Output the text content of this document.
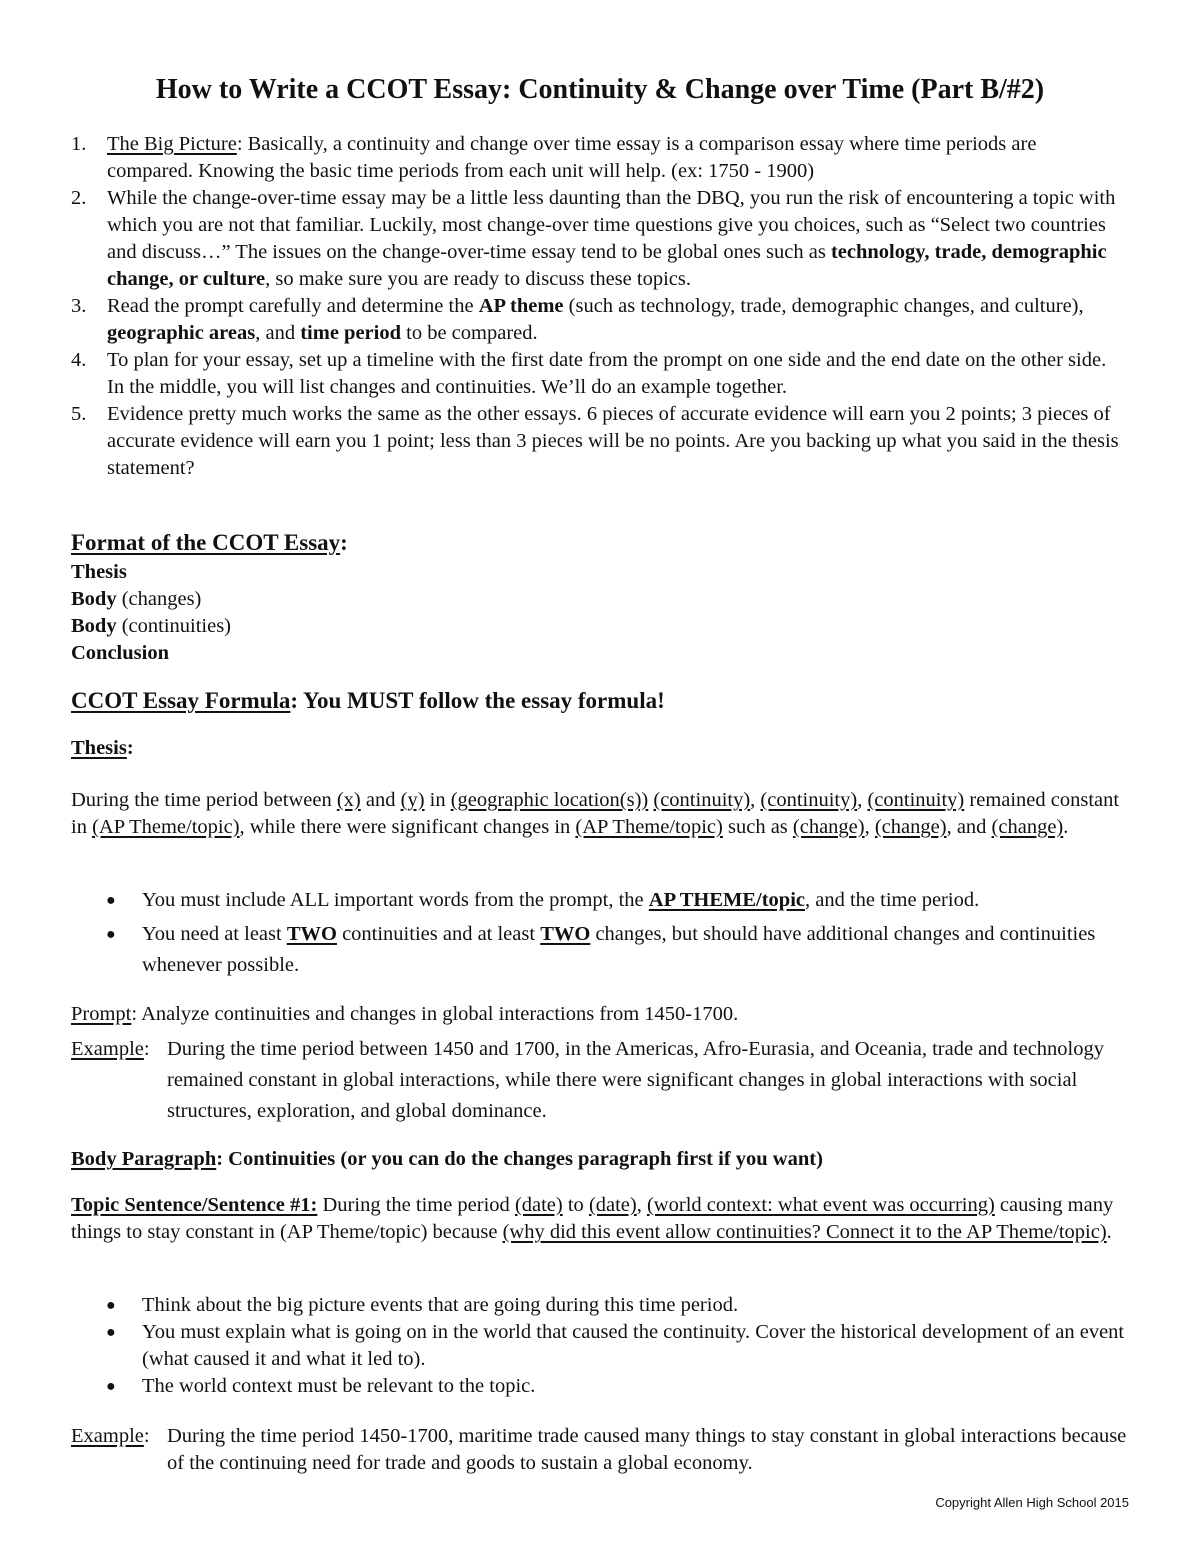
How to Write a CCOT Essay: Continuity & Change over Time (Part B/#2)
1. The Big Picture: Basically, a continuity and change over time essay is a comparison essay where time periods are compared. Knowing the basic time periods from each unit will help. (ex: 1750 - 1900)
2. While the change-over-time essay may be a little less daunting than the DBQ, you run the risk of encountering a topic with which you are not that familiar. Luckily, most change-over time questions give you choices, such as “Select two countries and discuss…” The issues on the change-over-time essay tend to be global ones such as technology, trade, demographic change, or culture, so make sure you are ready to discuss these topics.
3. Read the prompt carefully and determine the AP theme (such as technology, trade, demographic changes, and culture), geographic areas, and time period to be compared.
4. To plan for your essay, set up a timeline with the first date from the prompt on one side and the end date on the other side. In the middle, you will list changes and continuities. We’ll do an example together.
5. Evidence pretty much works the same as the other essays. 6 pieces of accurate evidence will earn you 2 points; 3 pieces of accurate evidence will earn you 1 point; less than 3 pieces will be no points. Are you backing up what you said in the thesis statement?
Format of the CCOT Essay:
Thesis
Body (changes)
Body (continuities)
Conclusion
CCOT Essay Formula: You MUST follow the essay formula!
Thesis:
During the time period between (x) and (y) in (geographic location(s)) (continuity), (continuity), (continuity) remained constant in (AP Theme/topic), while there were significant changes in (AP Theme/topic) such as (change), (change), and (change).
● You must include ALL important words from the prompt, the AP THEME/topic, and the time period.
● You need at least TWO continuities and at least TWO changes, but should have additional changes and continuities whenever possible.
Prompt: Analyze continuities and changes in global interactions from 1450-1700.
Example: During the time period between 1450 and 1700, in the Americas, Afro-Eurasia, and Oceania, trade and technology remained constant in global interactions, while there were significant changes in global interactions with social structures, exploration, and global dominance.
Body Paragraph: Continuities (or you can do the changes paragraph first if you want)
Topic Sentence/Sentence #1: During the time period (date) to (date), (world context: what event was occurring) causing many things to stay constant in (AP Theme/topic) because (why did this event allow continuities? Connect it to the AP Theme/topic).
● Think about the big picture events that are going during this time period.
● You must explain what is going on in the world that caused the continuity. Cover the historical development of an event (what caused it and what it led to).
● The world context must be relevant to the topic.
Example: During the time period 1450-1700, maritime trade caused many things to stay constant in global interactions because of the continuing need for trade and goods to sustain a global economy.
Copyright Allen High School 2015
